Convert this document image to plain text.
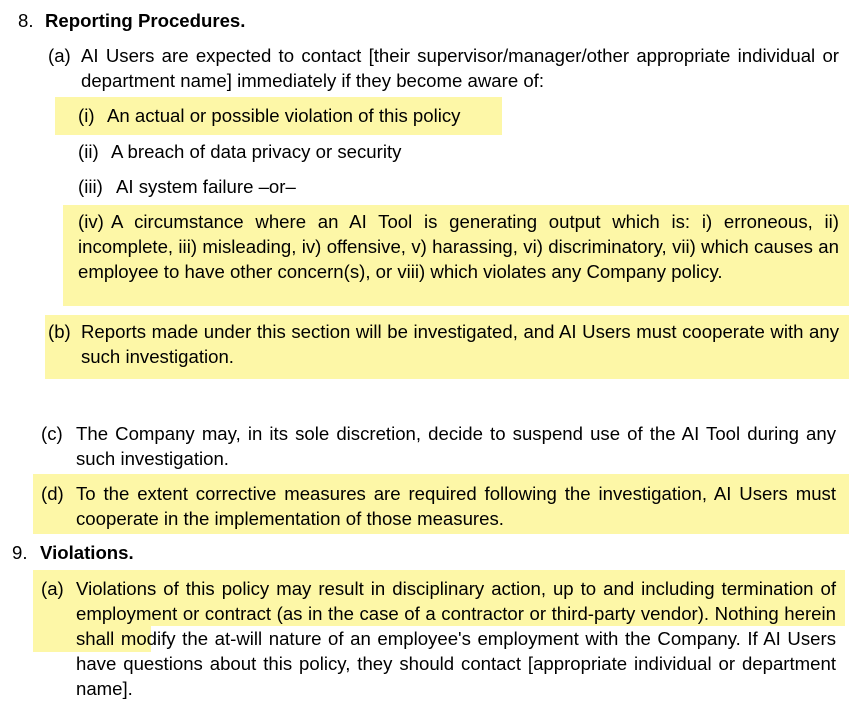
8. Reporting Procedures.
(a) AI Users are expected to contact [their supervisor/manager/other appropriate individual or department name] immediately if they become aware of:
(i) An actual or possible violation of this policy
(ii) A breach of data privacy or security
(iii) AI system failure –or–
(iv) A circumstance where an AI Tool is generating output which is: i) erroneous, ii) incomplete, iii) misleading, iv) offensive, v) harassing, vi) discriminatory, vii) which causes an employee to have other concern(s), or viii) which violates any Company policy.
(b) Reports made under this section will be investigated, and AI Users must cooperate with any such investigation.
(c) The Company may, in its sole discretion, decide to suspend use of the AI Tool during any such investigation.
(d) To the extent corrective measures are required following the investigation, AI Users must cooperate in the implementation of those measures.
9. Violations.
(a) Violations of this policy may result in disciplinary action, up to and including termination of employment or contract (as in the case of a contractor or third-party vendor). Nothing herein shall modify the at-will nature of an employee's employment with the Company. If AI Users have questions about this policy, they should contact [appropriate individual or department name].
